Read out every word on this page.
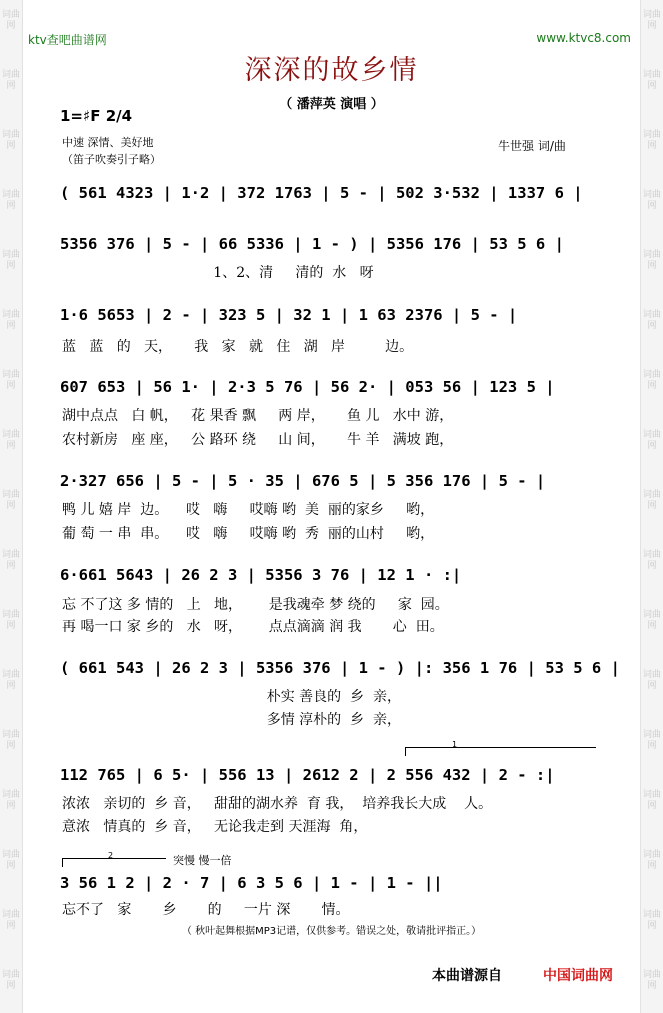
词曲网
词曲网
词曲网
词曲网
词曲网
词曲网
词曲网
词曲网
词曲网
词曲网
词曲网
词曲网
词曲网
词曲网
词曲网
词曲网
词曲网
词曲网
词曲网
词曲网
词曲网
词曲网
词曲网
词曲网
词曲网
词曲网
词曲网
词曲网
词曲网
词曲网
词曲网
词曲网
词曲网
词曲网
ktv查吧曲谱网	www.ktvc8.com
深深的故乡情
（ 潘萍英 演唱 ）
1=♯F 2/4
中速 深情、美好地
（笛子吹奏引子略）
牛世强 词/曲
( 561 4323 | 1·2 | 372 1763 | 5 - | 502 3·532 | 1337 6 |
5356 376 | 5 - | 66 5336 | 1 - ) | 5356 176 | 53 5 6 |
1、2、清     清的  水   呀
1·6 5653 | 2 - | 323 5 | 32 1 | 1 63 2376 | 5 - |
蓝   蓝   的   天，     我   家   就   住   湖   岸         边。
607 653 | 56 1· | 2·3 5 76 | 56 2· | 053 56 | 123 5 |
湖中点点   白 帆，   花 果香 飘     两 岸，     鱼 儿   水中 游，
农村新房   座 座，   公 路环 绕     山 间，     牛 羊   满坡 跑，
2·327 656 | 5 - | 5 · 35 | 676 5 | 5 356 176 | 5 - |
鸭 儿 嬉 岸  边。    哎   嗨     哎嗨 哟  美  丽的家乡     哟，
葡 萄 一 串  串。    哎   嗨     哎嗨 哟  秀  丽的山村     哟，
6·661 5643 | 26 2 3 | 5356 3 76 | 12 1 · :|
忘 不了这 多 情的   上   地，      是我魂牵 梦 绕的     家  园。
再 喝一口 家 乡的   水   呀，      点点滴滴 润 我       心  田。
( 661 543 | 26 2 3 | 5356 376 | 1 - ) |: 356 1 76 | 53 5 6 |
朴实 善良的  乡  亲，
多情 淳朴的  乡  亲，
1
112 765 | 6 5· | 556 13 | 2612 2 | 2 556 432 | 2 - :|
浓浓   亲切的  乡 音，   甜甜的湖水养  育 我，  培养我长大成    人。
意浓   情真的  乡 音，   无论我走到 天涯海  角，
2	突慢 慢一倍
3 56 1 2 | 2 · 7 | 6 3 5 6 | 1 - | 1 - ||
忘不了   家       乡       的     一片 深       情。
（ 秋叶起舞根据MP3记谱，仅供参考。错误之处，敬请批评指正。）
本曲谱源自	中国词曲网
